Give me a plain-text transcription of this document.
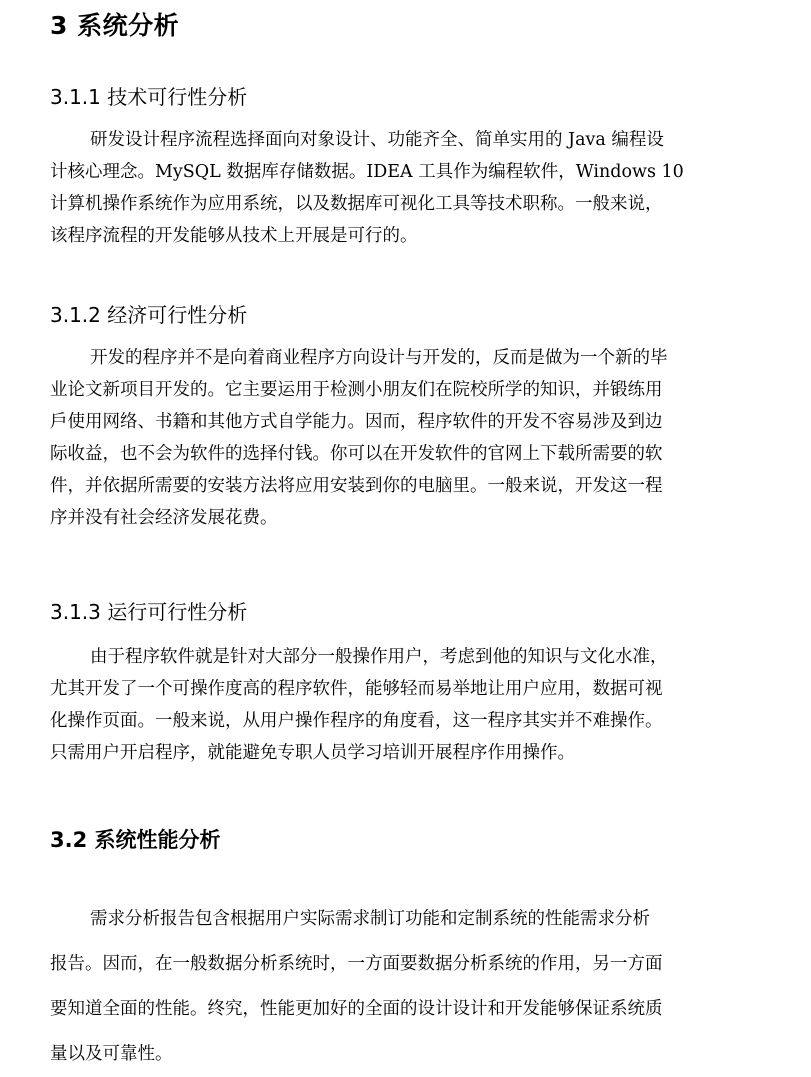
3 系统分析
3.1.1 技术可行性分析
研发设计程序流程选择面向对象设计、功能齐全、简单实用的 Java 编程设
计核心理念。MySQL 数据库存储数据。IDEA 工具作为编程软件，Windows 10
计算机操作系统作为应用系统，以及数据库可视化工具等技术职称。一般来说，
该程序流程的开发能够从技术上开展是可行的。
3.1.2 经济可行性分析
开发的程序并不是向着商业程序方向设计与开发的，反而是做为一个新的毕
业论文新项目开发的。它主要运用于检测小朋友们在院校所学的知识，并锻练用
戶使用网络、书籍和其他方式自学能力。因而，程序软件的开发不容易涉及到边
际收益，也不会为软件的选择付钱。你可以在开发软件的官网上下载所需要的软
件，并依据所需要的安装方法将应用安装到你的电脑里。一般来说，开发这一程
序并没有社会经济发展花费。
3.1.3 运行可行性分析
由于程序软件就是针对大部分一般操作用户，考虑到他的知识与文化水准，
尤其开发了一个可操作度高的程序软件，能够轻而易举地让用户应用，数据可视
化操作页面。一般来说，从用户操作程序的角度看，这一程序其实并不难操作。
只需用户开启程序，就能避免专职人员学习培训开展程序作用操作。
3.2 系统性能分析
需求分析报告包含根据用户实际需求制订功能和定制系统的性能需求分析
报告。因而，在一般数据分析系统时，一方面要数据分析系统的作用，另一方面
要知道全面的性能。终究，性能更加好的全面的设计设计和开发能够保证系统质
量以及可靠性。
